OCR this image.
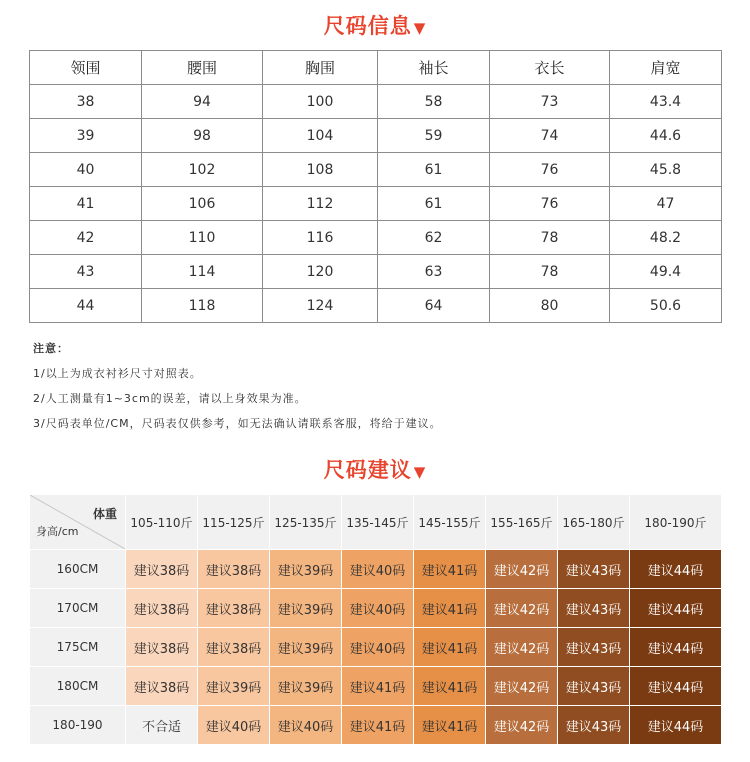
尺码信息 ▼
领围	腰围	胸围	袖长	衣长	肩宽
38	94	100	58	73	43.4
39	98	104	59	74	44.6
40	102	108	61	76	45.8
41	106	112	61	76	47
42	110	116	62	78	48.2
43	114	120	63	78	49.4
44	118	124	64	80	50.6
注意：
1/以上为成衣衬衫尺寸对照表。
2/人工测量有1~3cm的误差，请以上身效果为准。
3/尺码表单位/CM，尺码表仅供参考，如无法确认请联系客服，将给于建议。
尺码建议 ▼
体重
身高/cm	105-110斤	115-125斤	125-135斤	135-145斤	145-155斤	155-165斤	165-180斤	180-190斤
160CM	建议38码	建议38码	建议39码	建议40码	建议41码	建议42码	建议43码	建议44码
170CM	建议38码	建议38码	建议39码	建议40码	建议41码	建议42码	建议43码	建议44码
175CM	建议38码	建议38码	建议39码	建议40码	建议41码	建议42码	建议43码	建议44码
180CM	建议38码	建议39码	建议39码	建议41码	建议41码	建议42码	建议43码	建议44码
180-190	不合适	建议40码	建议40码	建议41码	建议41码	建议42码	建议43码	建议44码
